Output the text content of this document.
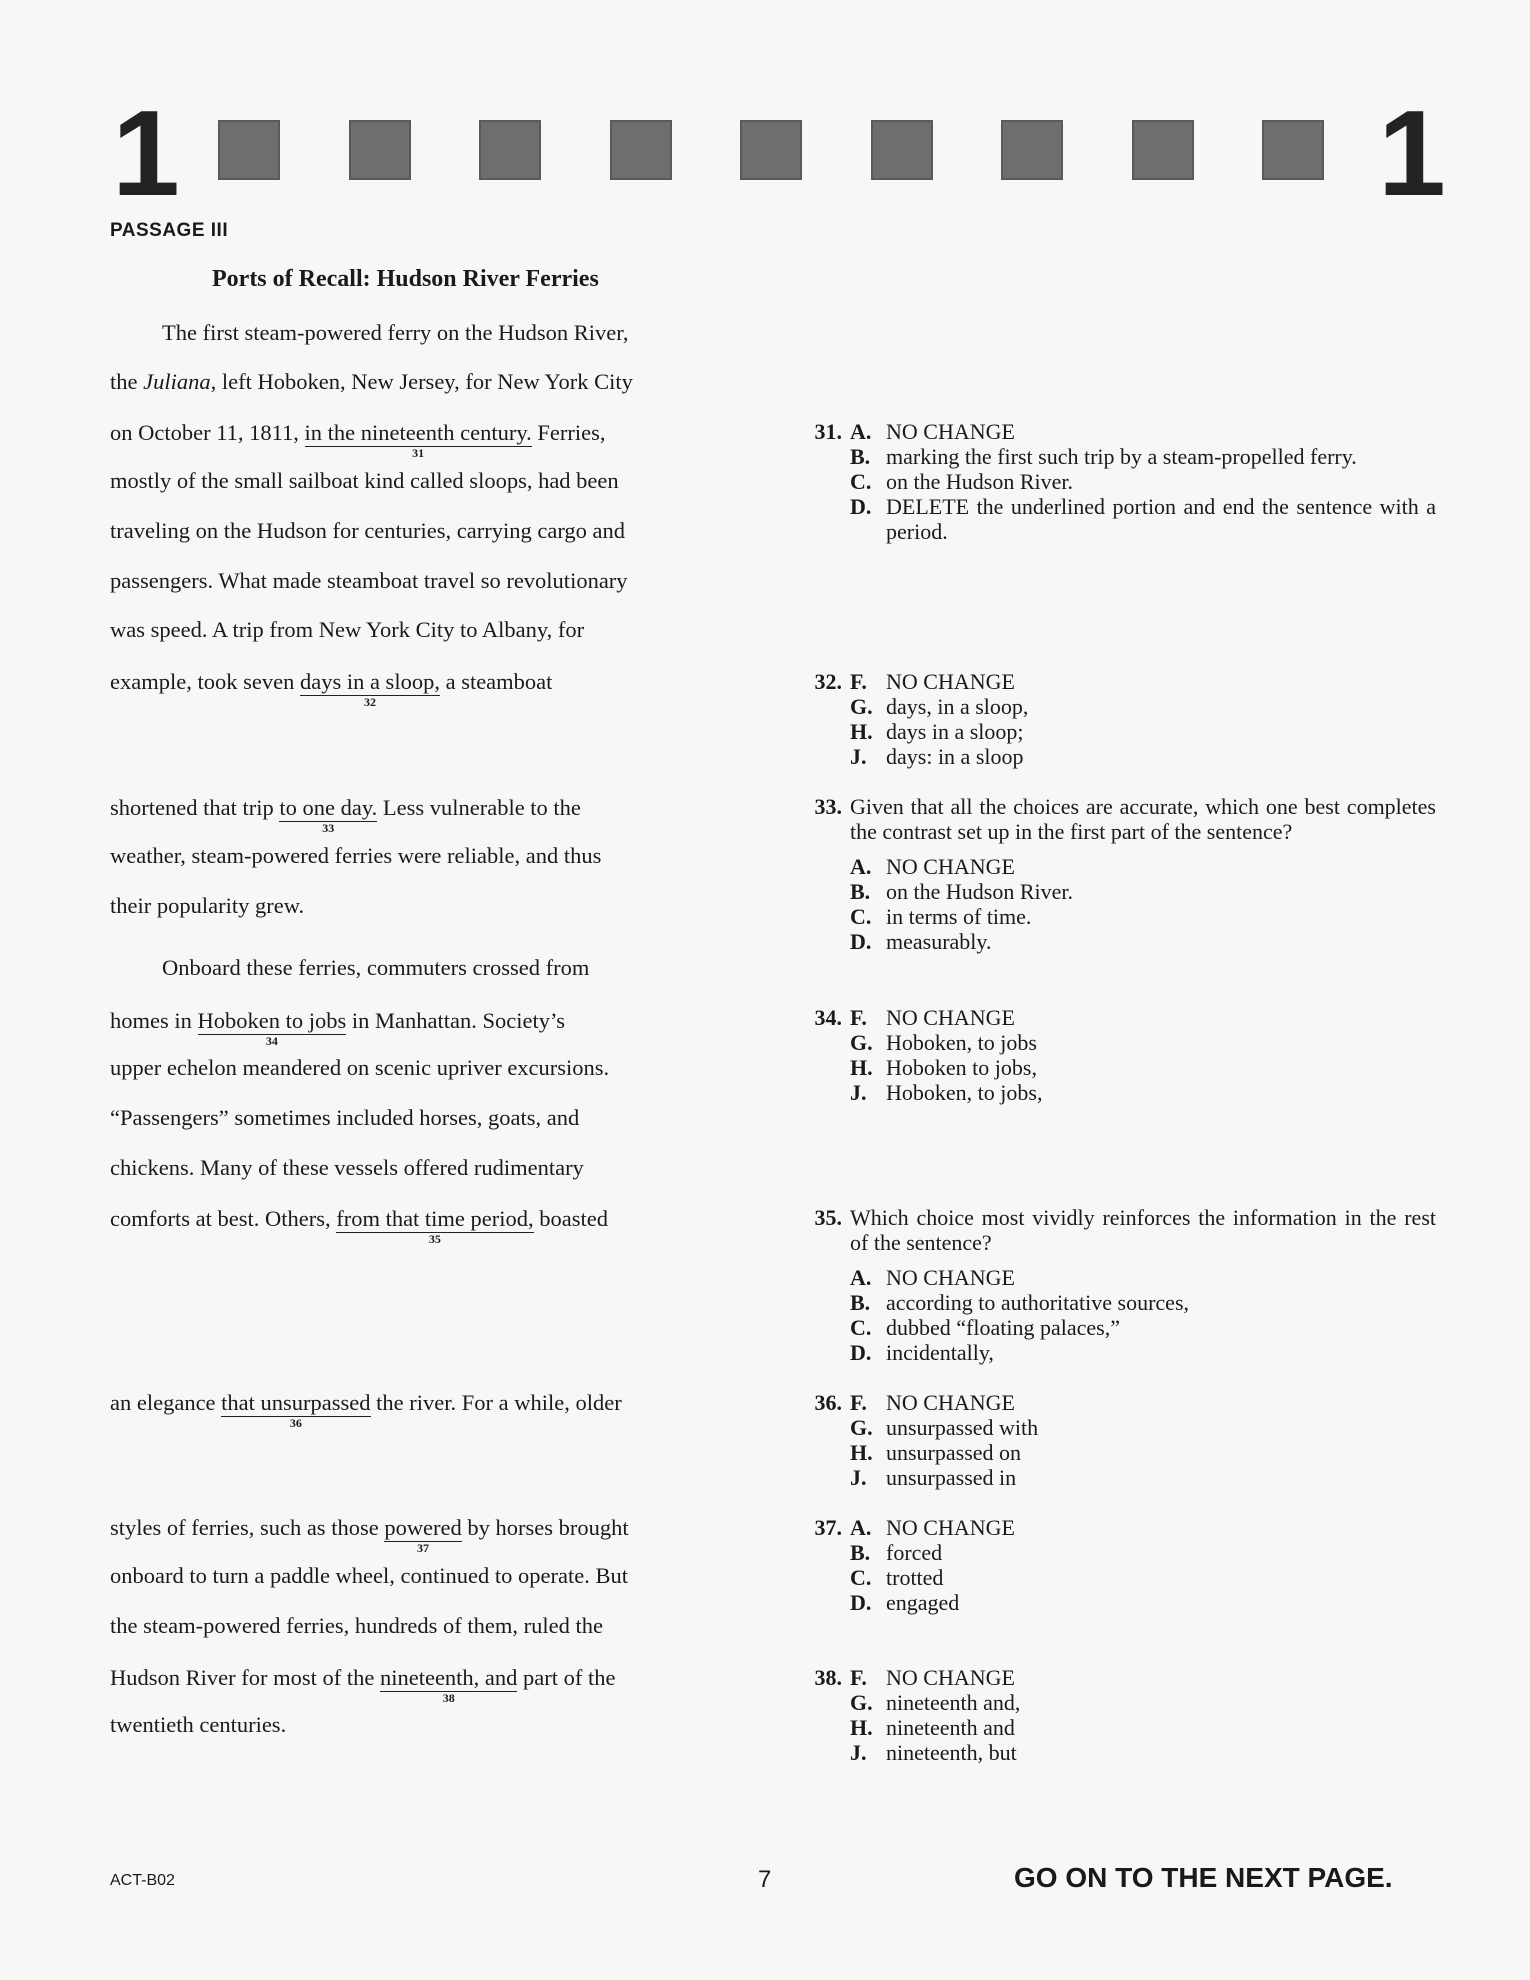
1	1
PASSAGE III
Ports of Recall: Hudson River Ferries
The first steam-powered ferry on the Hudson River,
the Juliana, left Hoboken, New Jersey, for New York City
on October 11, 1811, in the nineteenth century.
31
Ferries,
mostly of the small sailboat kind called sloops, had been
traveling on the Hudson for centuries, carrying cargo and
passengers. What made steamboat travel so revolutionary
was speed. A trip from New York City to Albany, for
example, took seven days in a sloop,
32
a steamboat
shortened that trip to one day.
33
Less vulnerable to the
weather, steam-powered ferries were reliable, and thus
their popularity grew.
Onboard these ferries, commuters crossed from
homes in Hoboken to jobs
34
in Manhattan. Society’s
upper echelon meandered on scenic upriver excursions.
“Passengers” sometimes included horses, goats, and
chickens. Many of these vessels offered rudimentary
comforts at best. Others, from that time period,
35
boasted
an elegance that unsurpassed
36
the river. For a while, older
styles of ferries, such as those powered
37
by horses brought
onboard to turn a paddle wheel, continued to operate. But
the steam-powered ferries, hundreds of them, ruled the
Hudson River for most of the nineteenth, and
38
part of the
twentieth centuries.
31. A. NO CHANGE
B. marking the first such trip by a steam-propelled ferry.
C. on the Hudson River.
D. DELETE the underlined portion and end the sentence with a period.
32. F. NO CHANGE
G. days, in a sloop,
H. days in a sloop;
J. days: in a sloop
33. Given that all the choices are accurate, which one best completes the contrast set up in the first part of the sentence?
A. NO CHANGE
B. on the Hudson River.
C. in terms of time.
D. measurably.
34. F. NO CHANGE
G. Hoboken, to jobs
H. Hoboken to jobs,
J. Hoboken, to jobs,
35. Which choice most vividly reinforces the information in the rest of the sentence?
A. NO CHANGE
B. according to authoritative sources,
C. dubbed “floating palaces,”
D. incidentally,
36. F. NO CHANGE
G. unsurpassed with
H. unsurpassed on
J. unsurpassed in
37. A. NO CHANGE
B. forced
C. trotted
D. engaged
38. F. NO CHANGE
G. nineteenth and,
H. nineteenth and
J. nineteenth, but
ACT-B02	7	GO ON TO THE NEXT PAGE.
